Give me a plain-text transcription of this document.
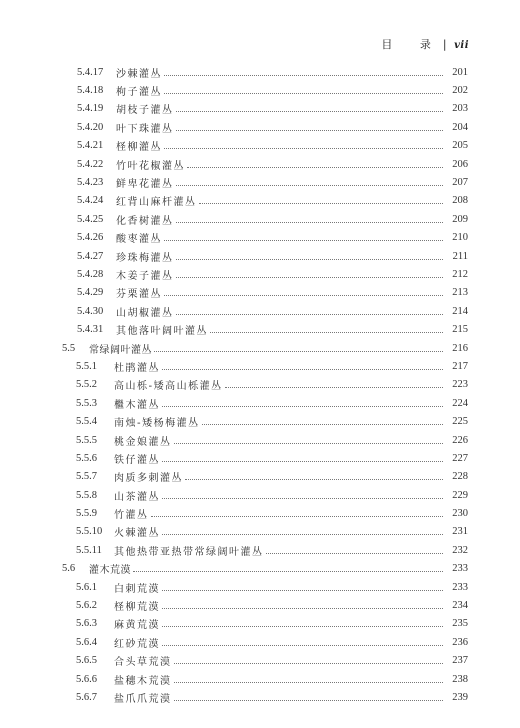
目 录| vii
5.4.17	沙棘灌丛	201
5.4.18	枸子灌丛	202
5.4.19	胡枝子灌丛	203
5.4.20	叶下珠灌丛	204
5.4.21	柽柳灌丛	205
5.4.22	竹叶花椒灌丛	206
5.4.23	鲜卑花灌丛	207
5.4.24	红背山麻杆灌丛	208
5.4.25	化香树灌丛	209
5.4.26	酸枣灌丛	210
5.4.27	珍珠梅灌丛	211
5.4.28	木姜子灌丛	212
5.4.29	芬栗灌丛	213
5.4.30	山胡椒灌丛	214
5.4.31	其他落叶阔叶灌丛	215
5.5	常绿阔叶灌丛	216
5.5.1	杜鹃灌丛	217
5.5.2	高山栎-矮高山栎灌丛	223
5.5.3	檵木灌丛	224
5.5.4	南烛-矮杨梅灌丛	225
5.5.5	桃金娘灌丛	226
5.5.6	铁仔灌丛	227
5.5.7	肉质多刺灌丛	228
5.5.8	山茶灌丛	229
5.5.9	竹灌丛	230
5.5.10	火棘灌丛	231
5.5.11	其他热带亚热带常绿阔叶灌丛	232
5.6	灌木荒漠	233
5.6.1	白刺荒漠	233
5.6.2	柽柳荒漠	234
5.6.3	麻黄荒漠	235
5.6.4	红砂荒漠	236
5.6.5	合头草荒漠	237
5.6.6	盐穗木荒漠	238
5.6.7	盐爪爪荒漠	239
